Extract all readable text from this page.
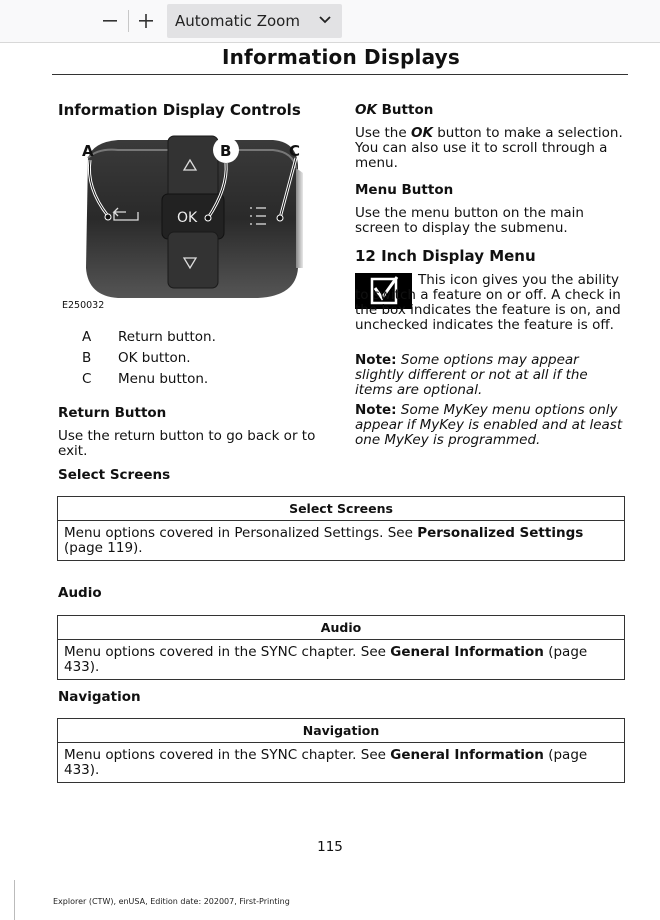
Automatic Zoom
Information Displays
Information Display Controls
OK
A	B	C
E250032
A Return button.
B OK button.
C Menu button.
Return Button
Use the return button to go back or to exit.
OK Button
Use the OK button to make a selection. You can also use it to scroll through a menu.
Menu Button
Use the menu button on the main screen to display the submenu.
12 Inch Display Menu
This icon gives you the ability to switch a feature on or off. A check in the box indicates the feature is on, and unchecked indicates the feature is off.
Note: Some options may appear slightly different or not at all if the items are optional.
Note: Some MyKey menu options only appear if MyKey is enabled and at least one MyKey is programmed.
Select Screens
Select Screens
Menu options covered in Personalized Settings. See Personalized Settings (page 119).
Audio
Audio
Menu options covered in the SYNC chapter. See General Information (page 433).
Navigation
Navigation
Menu options covered in the SYNC chapter. See General Information (page 433).
115
Explorer (CTW), enUSA, Edition date: 202007, First-Printing
